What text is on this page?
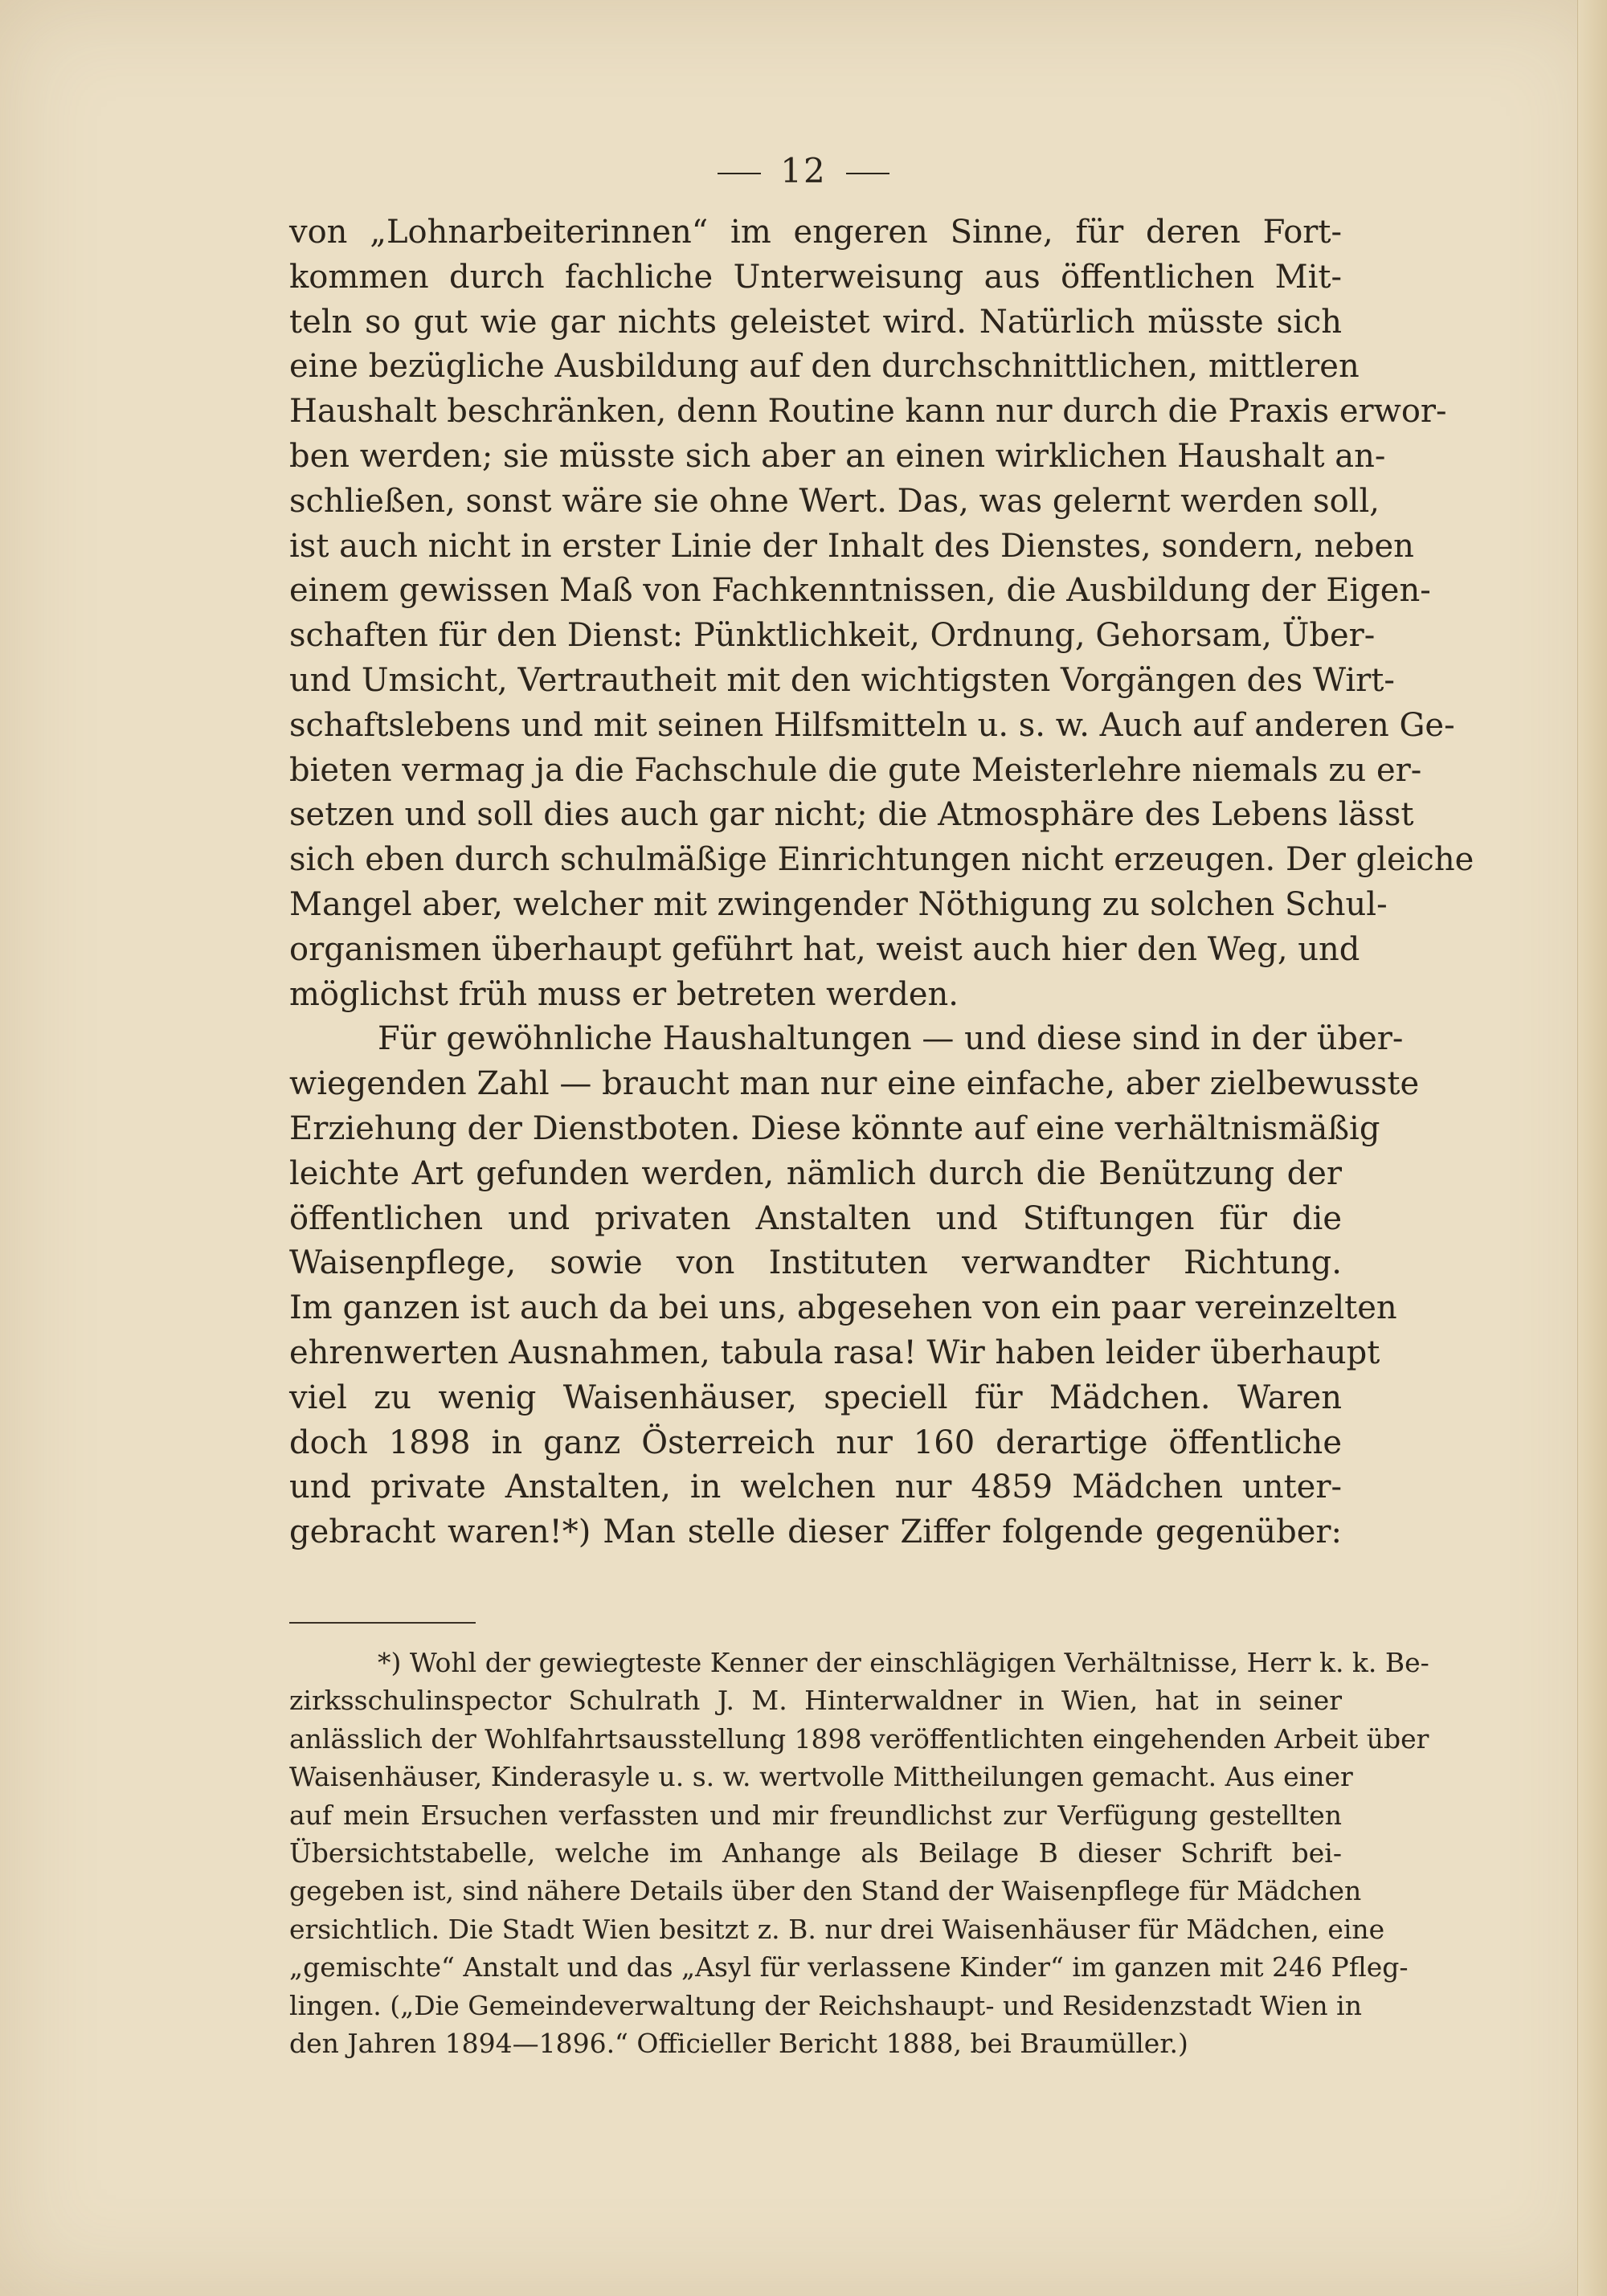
12
von „Lohnarbeiterinnen“ im engeren Sinne, für deren Fort-
kommen durch fachliche Unterweisung aus öffentlichen Mit-
teln so gut wie gar nichts geleistet wird. Natürlich müsste sich
eine bezügliche Ausbildung auf den durchschnittlichen, mittleren
Haushalt beschränken, denn Routine kann nur durch die Praxis erwor-
ben werden; sie müsste sich aber an einen wirklichen Haushalt an-
schließen, sonst wäre sie ohne Wert. Das, was gelernt werden soll,
ist auch nicht in erster Linie der Inhalt des Dienstes, sondern, neben
einem gewissen Maß von Fachkenntnissen, die Ausbildung der Eigen-
schaften für den Dienst: Pünktlichkeit, Ordnung, Gehorsam, Über-
und Umsicht, Vertrautheit mit den wichtigsten Vorgängen des Wirt-
schaftslebens und mit seinen Hilfsmitteln u. s. w. Auch auf anderen Ge-
bieten vermag ja die Fachschule die gute Meisterlehre niemals zu er-
setzen und soll dies auch gar nicht; die Atmosphäre des Lebens lässt
sich eben durch schulmäßige Einrichtungen nicht erzeugen. Der gleiche
Mangel aber, welcher mit zwingender Nöthigung zu solchen Schul-
organismen überhaupt geführt hat, weist auch hier den Weg, und
möglichst früh muss er betreten werden.
Für gewöhnliche Haushaltungen — und diese sind in der über-
wiegenden Zahl — braucht man nur eine einfache, aber zielbewusste
Erziehung der Dienstboten. Diese könnte auf eine verhältnismäßig
leichte Art gefunden werden, nämlich durch die Benützung der
öffentlichen und privaten Anstalten und Stiftungen für die
Waisenpflege, sowie von Instituten verwandter Richtung.
Im ganzen ist auch da bei uns, abgesehen von ein paar vereinzelten
ehrenwerten Ausnahmen, tabula rasa! Wir haben leider überhaupt
viel zu wenig Waisenhäuser, speciell für Mädchen. Waren
doch 1898 in ganz Österreich nur 160 derartige öffentliche
und private Anstalten, in welchen nur 4859 Mädchen unter-
gebracht waren!*) Man stelle dieser Ziffer folgende gegenüber:
*) Wohl der gewiegteste Kenner der einschlägigen Verhältnisse, Herr k. k. Be-
zirksschulinspector Schulrath J. M. Hinterwaldner in Wien, hat in seiner
anlässlich der Wohlfahrtsausstellung 1898 veröffentlichten eingehenden Arbeit über
Waisenhäuser, Kinderasyle u. s. w. wertvolle Mittheilungen gemacht. Aus einer
auf mein Ersuchen verfassten und mir freundlichst zur Verfügung gestellten
Übersichtstabelle, welche im Anhange als Beilage B dieser Schrift bei-
gegeben ist, sind nähere Details über den Stand der Waisenpflege für Mädchen
ersichtlich. Die Stadt Wien besitzt z. B. nur drei Waisenhäuser für Mädchen, eine
„gemischte“ Anstalt und das „Asyl für verlassene Kinder“ im ganzen mit 246 Pfleg-
lingen. („Die Gemeindeverwaltung der Reichshaupt- und Residenzstadt Wien in
den Jahren 1894—1896.“ Officieller Bericht 1888, bei Braumüller.)
